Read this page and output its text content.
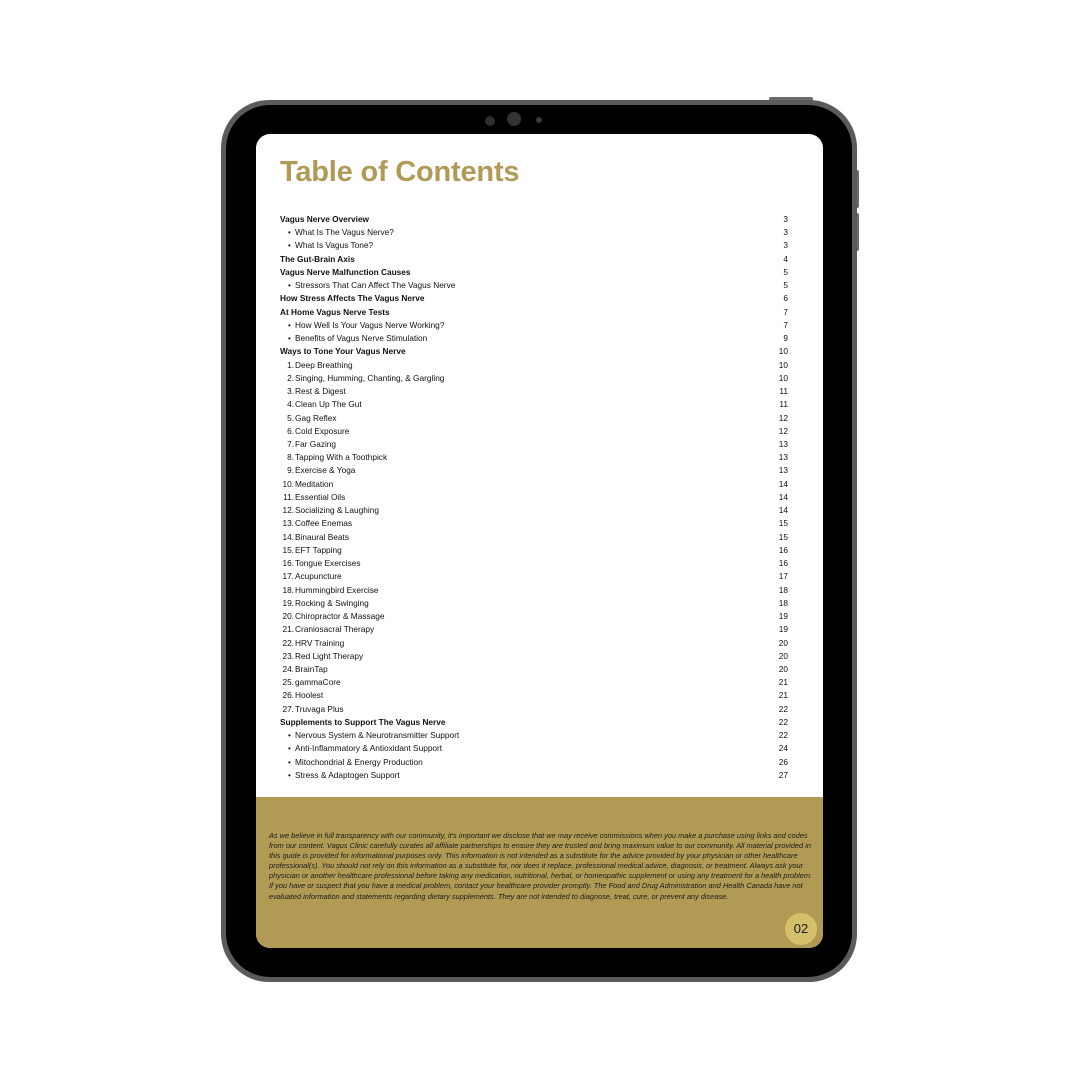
Table of Contents
Vagus Nerve Overview	3
• What Is The Vagus Nerve?	3
• What Is Vagus Tone?	3
The Gut-Brain Axis	4
Vagus Nerve Malfunction Causes	5
• Stressors That Can Affect The Vagus Nerve	5
How Stress Affects The Vagus Nerve	6
At Home Vagus Nerve Tests	7
• How Well Is Your Vagus Nerve Working?	7
• Benefits of Vagus Nerve Stimulation	9
Ways to Tone Your Vagus Nerve	10
1. Deep Breathing	10
2. Singing, Humming, Chanting, & Gargling	10
3. Rest & Digest	11
4. Clean Up The Gut	11
5. Gag Reflex	12
6. Cold Exposure	12
7. Far Gazing	13
8. Tapping With a Toothpick	13
9. Exercise & Yoga	13
10. Meditation	14
11. Essential Oils	14
12. Socializing & Laughing	14
13. Coffee Enemas	15
14. Binaural Beats	15
15. EFT Tapping	16
16. Tongue Exercises	16
17. Acupuncture	17
18. Hummingbird Exercise	18
19. Rocking & Swinging	18
20. Chiropractor & Massage	19
21. Craniosacral Therapy	19
22. HRV Training	20
23. Red Light Therapy	20
24. BrainTap	20
25. gammaCore	21
26. Hoolest	21
27. Truvaga Plus	22
Supplements to Support The Vagus Nerve	22
• Nervous System & Neurotransmitter Support	22
• Anti-Inflammatory & Antioxidant Support	24
• Mitochondrial & Energy Production	26
• Stress & Adaptogen Support	27

As we believe in full transparency with our community, it's important we disclose that we may receive commissions when you make a purchase using links and codes from our content. Vagus Clinic carefully curates all affiliate partnerships to ensure they are trusted and bring maximum value to our community. All material provided in this guide is provided for informational purposes only. This information is not intended as a substitute for the advice provided by your physician or other healthcare professional(s). You should not rely on this information as a substitute for, nor does it replace, professional medical advice, diagnosis, or treatment. Always ask your physician or another healthcare professional before taking any medication, nutritional, herbal, or homeopathic supplement or using any treatment for a health problem. If you have or suspect that you have a medical problem, contact your healthcare provider promptly. The Food and Drug Administration and Health Canada have not evaluated information and statements regarding dietary supplements. They are not intended to diagnose, treat, cure, or prevent any disease.

02
